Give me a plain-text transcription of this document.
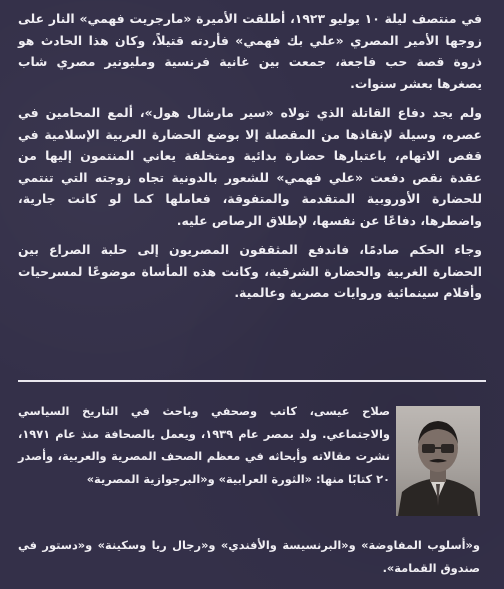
في منتصف ليلة ١٠ يوليو ١٩٢٣، أطلقت الأميرة «مارجريت فهمي» النار على زوجها الأمير المصري «علي بك فهمي» فأردته قتيلاً، وكان هذا الحادث هو ذروة قصة حب فاجعة، جمعت بين غانية فرنسية ومليونير مصري شاب يصغرها بعشر سنوات.

ولم يجد دفاع القاتلة الذي تولاه «سير مارشال هول»، ألمع المحامين في عصره، وسيلة لإنقاذها من المقصلة إلا بوضع الحضارة العربية الإسلامية في قفص الاتهام، باعتبارها حضارة بدائية ومتخلفة يعاني المنتمون إليها من عقدة نقص دفعت «علي فهمي» للشعور بالدونية تجاه زوجته التي تنتمي للحضارة الأوروبية المتقدمة والمتفوقة، فعاملها كما لو كانت جارية، واضطرها، دفاعًا عن نفسها، لإطلاق الرصاص عليه.

وجاء الحكم صادمًا، فاندفع المثقفون المصريون إلى حلبة الصراع بين الحضارة الغربية والحضارة الشرقية، وكانت هذه المأساة موضوعًا لمسرحيات وأفلام سينمائية وروايات مصرية وعالمية.

صلاح عيسى، كاتب وصحفي وباحث في التاريخ السياسي والاجتماعي. ولد بمصر عام ١٩٣٩، ويعمل بالصحافة منذ عام ١٩٧١، نشرت مقالاته وأبحاثه في معظم الصحف المصرية والعربية، وأصدر ٢٠ كتابًا منها: «الثورة العرابية» و«البرجوازية المصرية»

و«أسلوب المفاوضة» و«البرنسيسة والأفندي» و«رجال ريا وسكينة» و«دستور في صندوق القمامة».
